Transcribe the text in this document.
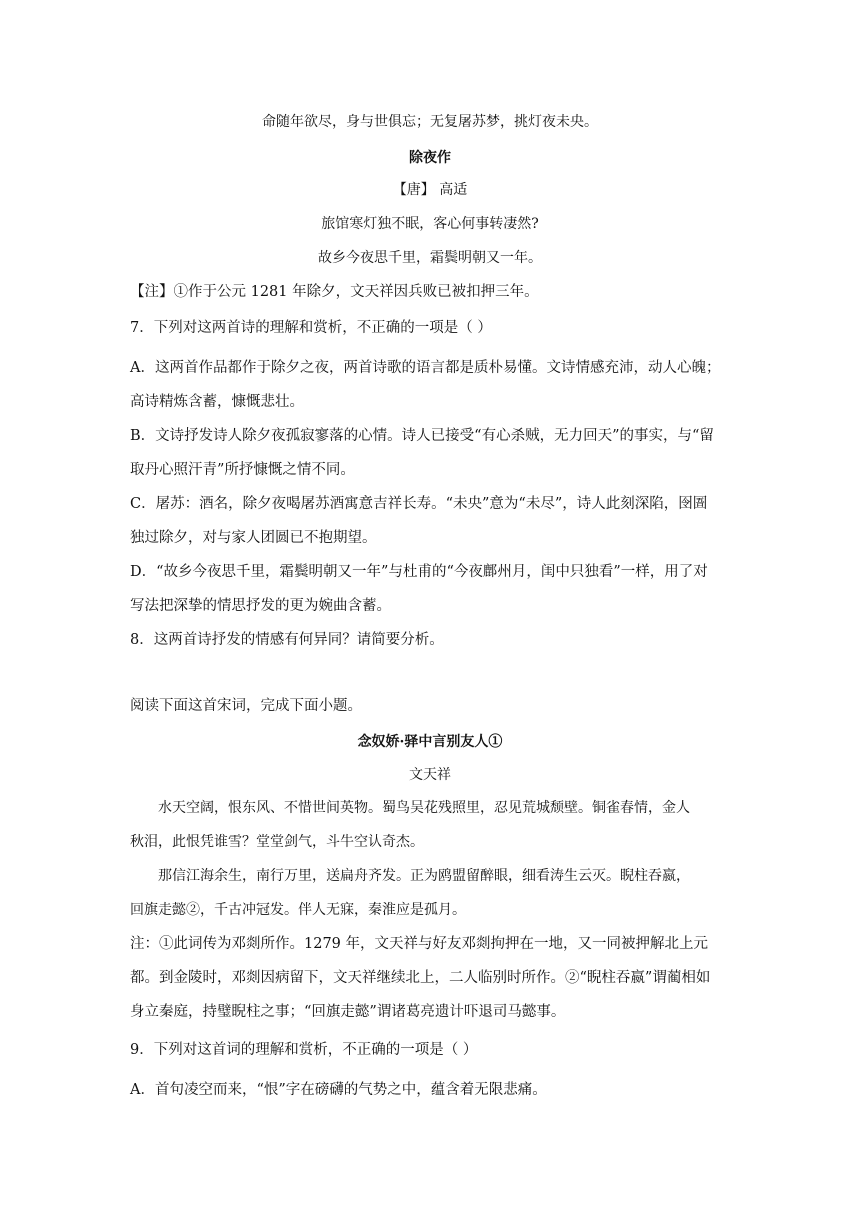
命随年欲尽，身与世俱忘；无复屠苏梦，挑灯夜未央。
除夜作
【唐】 高适
旅馆寒灯独不眠，客心何事转凄然?
故乡今夜思千里，霜鬓明朝又一年。
【注】①作于公元 1281 年除夕，文天祥因兵败已被扣押三年。
7．下列对这两首诗的理解和赏析，不正确的一项是（ ）
A．这两首作品都作于除夕之夜，两首诗歌的语言都是质朴易懂。文诗情感充沛，动人心魄；
高诗精炼含蓄，慷慨悲壮。
B．文诗抒发诗人除夕夜孤寂寥落的心情。诗人已接受“有心杀贼，无力回天”的事实，与“留
取丹心照汗青”所抒慷慨之情不同。
C．屠苏：酒名，除夕夜喝屠苏酒寓意吉祥长寿。“未央”意为“未尽”，诗人此刻深陷，囹圄
独过除夕，对与家人团圆已不抱期望。
D．“故乡今夜思千里，霜鬓明朝又一年”与杜甫的“今夜鄜州月，闺中只独看”一样，用了对
写法把深挚的情思抒发的更为婉曲含蓄。
8．这两首诗抒发的情感有何异同？请简要分析。
阅读下面这首宋词，完成下面小题。
念奴娇·驿中言别友人①
文天祥
水天空阔，恨东风、不惜世间英物。蜀鸟吴花残照里，忍见荒城颓壁。铜雀春情，金人
秋泪，此恨凭谁雪？堂堂剑气，斗牛空认奇杰。
那信江海余生，南行万里，送扁舟齐发。正为鸥盟留醉眼，细看涛生云灭。睨柱吞嬴，
回旗走懿②，千古冲冠发。伴人无寐，秦淮应是孤月。
注：①此词传为邓剡所作。1279 年，文天祥与好友邓剡拘押在一地，又一同被押解北上元
都。到金陵时，邓剡因病留下，文天祥继续北上，二人临别时所作。②“睨柱吞嬴”谓蔺相如
身立秦庭，持璧睨柱之事；“回旗走懿”谓诸葛亮遗计吓退司马懿事。
9．下列对这首词的理解和赏析，不正确的一项是（ ）
A．首句凌空而来，“恨”字在磅礴的气势之中，蕴含着无限悲痛。
